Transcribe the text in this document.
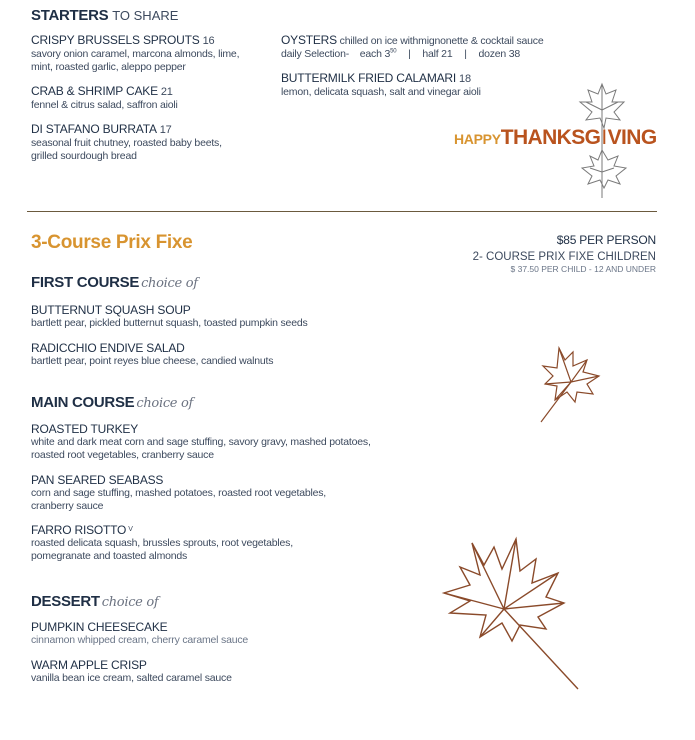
STARTERS TO SHARE
CRISPY BRUSSELS SPROUTS 16
savory onion caramel, marcona almonds, lime,
mint, roasted garlic, aleppo pepper
CRAB & SHRIMP CAKE 21
fennel & citrus salad, saffron aioli
DI STAFANO BURRATA 17
seasonal fruit chutney, roasted baby beets,
grilled sourdough bread
OYSTERS chilled on ice withmignonette & cocktail sauce
daily Selection- each $3^{50}$ | half 21 | dozen 38
BUTTERMILK FRIED CALAMARI 18
lemon, delicata squash, salt and vinegar aioli
HAPPYTHANKSGIVING
3-Course Prix Fixe	$85 PER PERSON
2- COURSE PRIX FIXE CHILDREN
$ 37.50 PER CHILD - 12 AND UNDER
FIRST COURSE choice of
BUTTERNUT SQUASH SOUP
bartlett pear, pickled butternut squash, toasted pumpkin seeds
RADICCHIO ENDIVE SALAD
bartlett pear, point reyes blue cheese, candied walnuts
MAIN COURSE choice of
ROASTED TURKEY
white and dark meat corn and sage stuffing, savory gravy, mashed potatoes,
roasted root vegetables, cranberry sauce
PAN SEARED SEABASS
corn and sage stuffing, mashed potatoes, roasted root vegetables,
cranberry sauce
FARRO RISOTTO $^V$
roasted delicata squash, brussles sprouts, root vegetables,
pomegranate and toasted almonds
DESSERT choice of
PUMPKIN CHEESECAKE
cinnamon whipped cream, cherry caramel sauce
WARM APPLE CRISP
vanilla bean ice cream, salted caramel sauce
